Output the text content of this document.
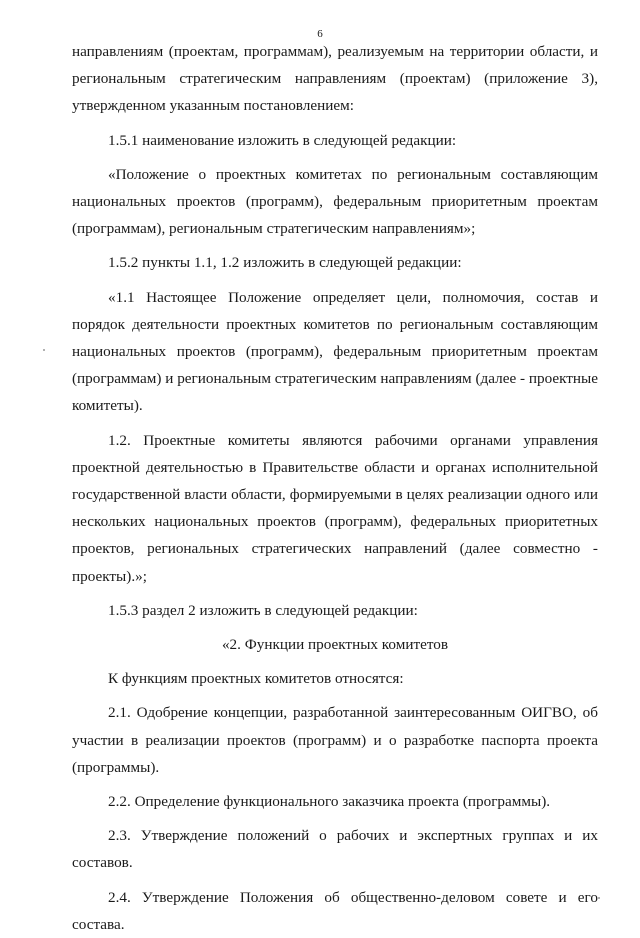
6

направлениям (проектам, программам), реализуемым на территории области, и региональным стратегическим направлениям (проектам) (приложение 3), утвержденном указанным постановлением:

1.5.1 наименование изложить в следующей редакции:

«Положение о проектных комитетах по региональным составляющим национальных проектов (программ), федеральным приоритетным проектам (программам), региональным стратегическим направлениям»;

1.5.2 пункты 1.1, 1.2 изложить в следующей редакции:

«1.1 Настоящее Положение определяет цели, полномочия, состав и порядок деятельности проектных комитетов по региональным составляющим национальных проектов (программ), федеральным приоритетным проектам (программам) и региональным стратегическим направлениям (далее - проектные комитеты).

1.2. Проектные комитеты являются рабочими органами управления проектной деятельностью в Правительстве области и органах исполнительной государственной власти области, формируемыми в целях реализации одного или нескольких национальных проектов (программ), федеральных приоритетных проектов, региональных стратегических направлений (далее совместно - проекты).»;

1.5.3 раздел 2 изложить в следующей редакции:

«2. Функции проектных комитетов

К функциям проектных комитетов относятся:

2.1. Одобрение концепции, разработанной заинтересованным ОИГВО, об участии в реализации проектов (программ) и о разработке паспорта проекта (программы).

2.2. Определение функционального заказчика проекта (программы).

2.3. Утверждение положений о рабочих и экспертных группах и их составов.

2.4. Утверждение Положения об общественно-деловом совете и его состава.
